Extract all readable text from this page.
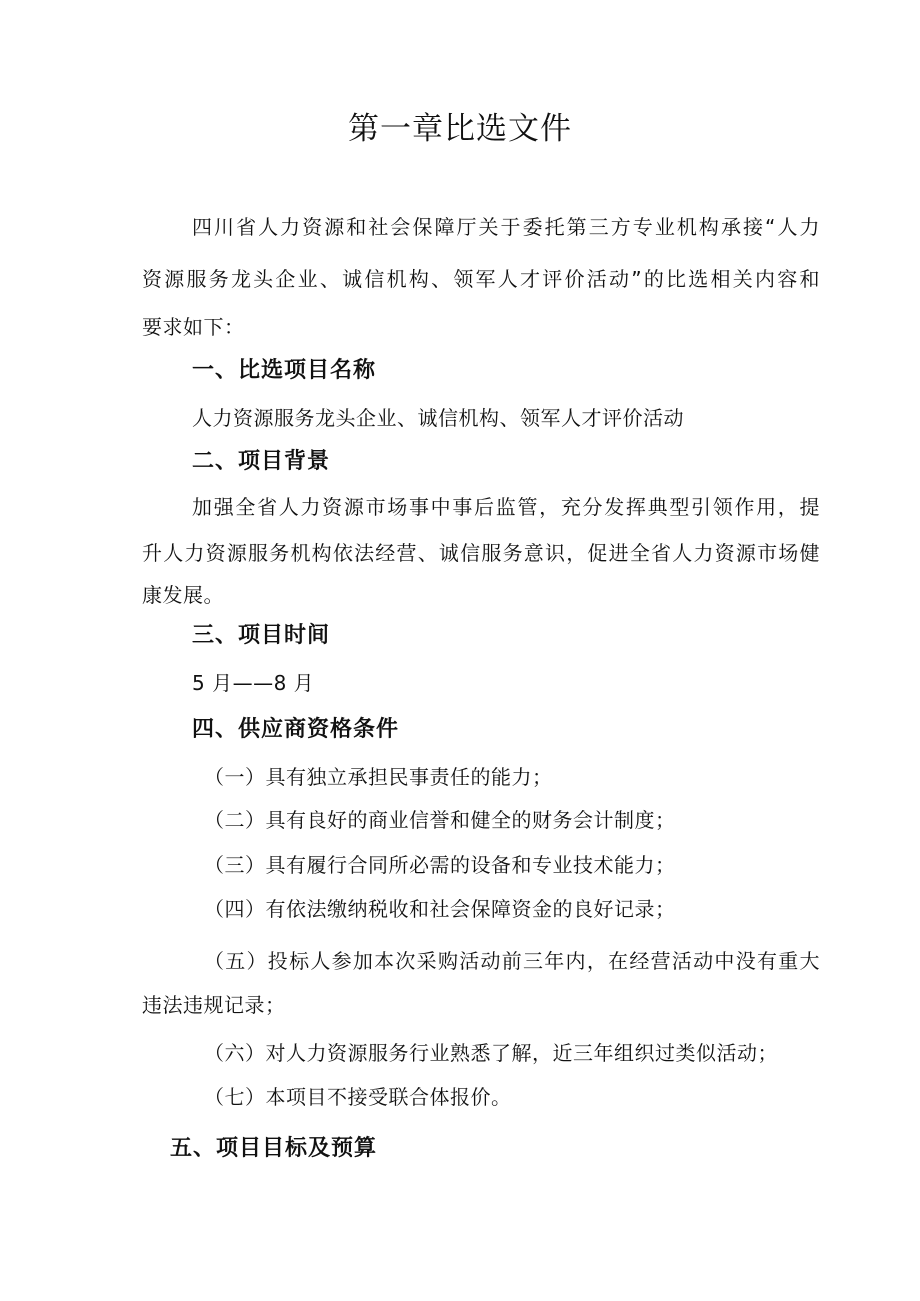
第一章比选文件
四川省人力资源和社会保障厅关于委托第三方专业机构承接“人力
资源服务龙头企业、诚信机构、领军人才评价活动”的比选相关内容和
要求如下：
一、比选项目名称
人力资源服务龙头企业、诚信机构、领军人才评价活动
二、项目背景
加强全省人力资源市场事中事后监管，充分发挥典型引领作用，提
升人力资源服务机构依法经营、诚信服务意识，促进全省人力资源市场健
康发展。
三、项目时间
5 月——8 月
四、供应商资格条件
（一）具有独立承担民事责任的能力；
（二）具有良好的商业信誉和健全的财务会计制度；
（三）具有履行合同所必需的设备和专业技术能力；
（四）有依法缴纳税收和社会保障资金的良好记录；
（五）投标人参加本次采购活动前三年内，在经营活动中没有重大
违法违规记录；
（六）对人力资源服务行业熟悉了解，近三年组织过类似活动；
（七）本项目不接受联合体报价。
五、项目目标及预算
